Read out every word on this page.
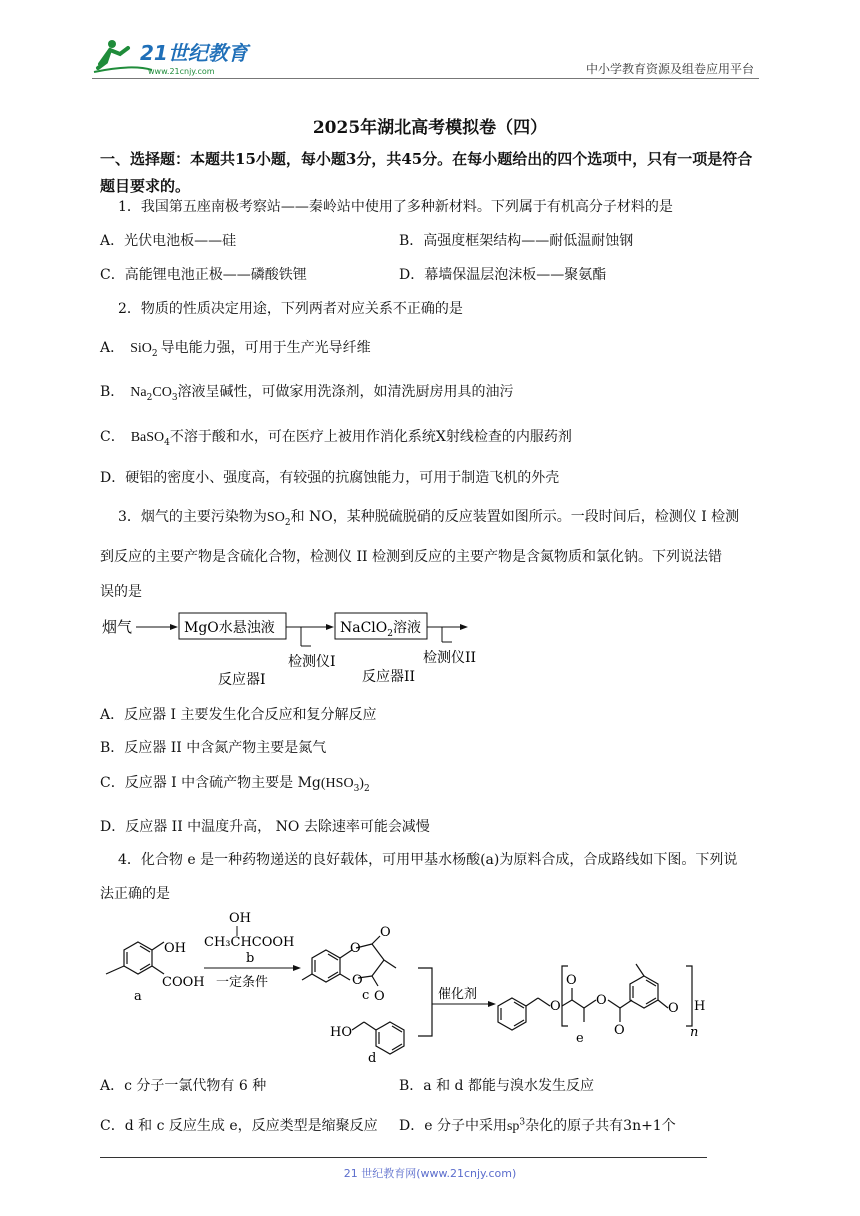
21世纪教育
www.21cnjy.com	中小学教育资源及组卷应用平台
2025年湖北高考模拟卷（四）
一、选择题：本题共15小题，每小题3分，共45分。在每小题给出的四个选项中，只有一项是符合题目要求的。
1．我国第五座南极考察站——秦岭站中使用了多种新材料。下列属于有机高分子材料的是
A．光伏电池板——硅	B．高强度框架结构——耐低温耐蚀钢
C．高能锂电池正极——磷酸铁锂	D．幕墙保温层泡沫板——聚氨酯
2．物质的性质决定用途，下列两者对应关系不正确的是
A． SiO$_2$ 导电能力强，可用于生产光导纤维
B． $Na_2CO_3$溶液呈碱性，可做家用洗涤剂，如清洗厨房用具的油污
C． BaSO$_4$不溶于酸和水，可在医疗上被用作消化系统X射线检查的内服药剂
D．硬铝的密度小、强度高，有较强的抗腐蚀能力，可用于制造飞机的外壳
3．烟气的主要污染物为$SO_2$和 NO，某种脱硫脱硝的反应装置如图所示。一段时间后，检测仪 I 检测
到反应的主要产物是含硫化合物，检测仪 II 检测到反应的主要产物是含氮物质和氯化钠。下列说法错
误的是
烟气	MgO水悬浊液	NaClO$_2$溶液
检测仪I	检测仪II
反应器I	反应器II
A．反应器 I 主要发生化合反应和复分解反应
B．反应器 II 中含氮产物主要是氮气
C．反应器 I 中含硫产物主要是 $Mg(HSO_3)_2$
D．反应器 II 中温度升高， NO 去除速率可能会减慢
4．化合物 e 是一种药物递送的良好载体，可用甲基水杨酸(a)为原料合成，合成路线如下图。下列说
法正确的是
OH
COOH
a
OH
CH₃CHCOOH
b
一定条件
O
O
O
O
c
HO
d
催化剂
O
O
O
O
O H
n
e
A．c 分子一氯代物有 6 种	B．a 和 d 都能与溴水发生反应
C．d 和 c 反应生成 e，反应类型是缩聚反应 D．e 分子中采用$sp^3$杂化的原子共有3n+1个
21 世纪教育网(www.21cnjy.com)
